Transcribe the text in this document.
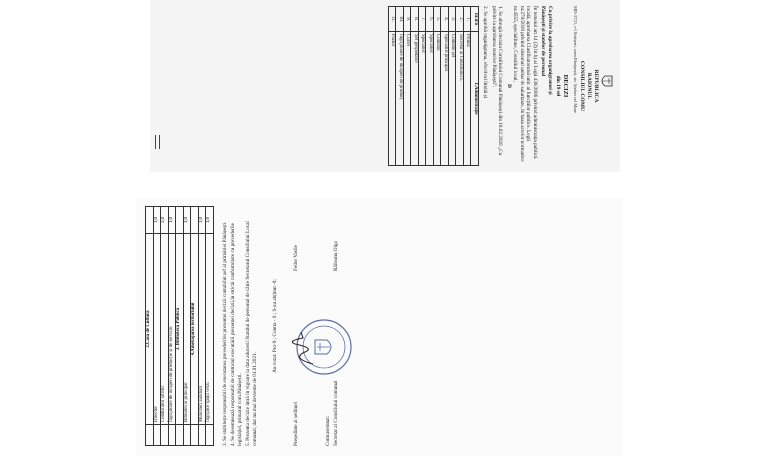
REPUBLICA
RAIONUL
CONSILIUL COMU
MD-3721, r-l Strășeni, com.Pănășești, str. Ștefan cel Mare
DECIZI
din 19 sel
Cu privire la aprobarea organigramei și
Pănășești și statelor de personal
În temeiul art.14 (2) lit.b) al Legii 436/2006 privind administrația publică locală, aprobarea Clasificatorului unic al funcțiilor publice, Legii nr.270/2018 privind sistemul unitar de salarizare, în baza actelor normative nr.4555, specialitate, Consiliul local,
D
1. Se abrogă decizia Consiliului Comunal Pănășești din 18.02.2020 „Cu privire la aprobarea statelor Pănășești”.
2. Se aprobă organigrama, efectivul limită și
nr.d/o	1.Administrație
1.	Primar
2.	Secretar al Consiliului L
3.	Contabil șef
4.	Specialist principal
5.	Contabil
6.	Specialist
7.	Specialist
8.	Șef gospodărie
9.	Curier
10.	Îngrijitoare de încăperi de producț
11.	Paznic
	2.Casa de Cultură	
	Director	1,0
	Conducător artistic	2,0
	Îngrijitoare de încăperi de producție și de serviciu	1,0
	3. Biblioteca Publică	
	Bibliotecar principal	1,0
	4.Amenajarea teritoriului	
	Muncitori auxiliari	3,0
	Îngrijitor spații verzi	1,0
3. Se stabilește responsabil de executarea prevederilor prezentei decizii contabilul șef al primăriei Pănășești. 4. Se desemnează responsabil de controlul executării prezentei decizii,în strictă conformitate cu prevederile legislației, primarul com.Pănășești. 5. Prezenta decizie intră în vigoare la data aducerii Statului de personal de către Secretarul Consiliului Local comunal, dar nu mai devreme de 01.01.2021.
Au votat: Pro-9 ; Contra - 0 ; S-au abținut -0;
Președinte al ședinței
Fedor Vasile
Contrasemnat: Secretar al Consiliului comunal
Răileanu Olga
